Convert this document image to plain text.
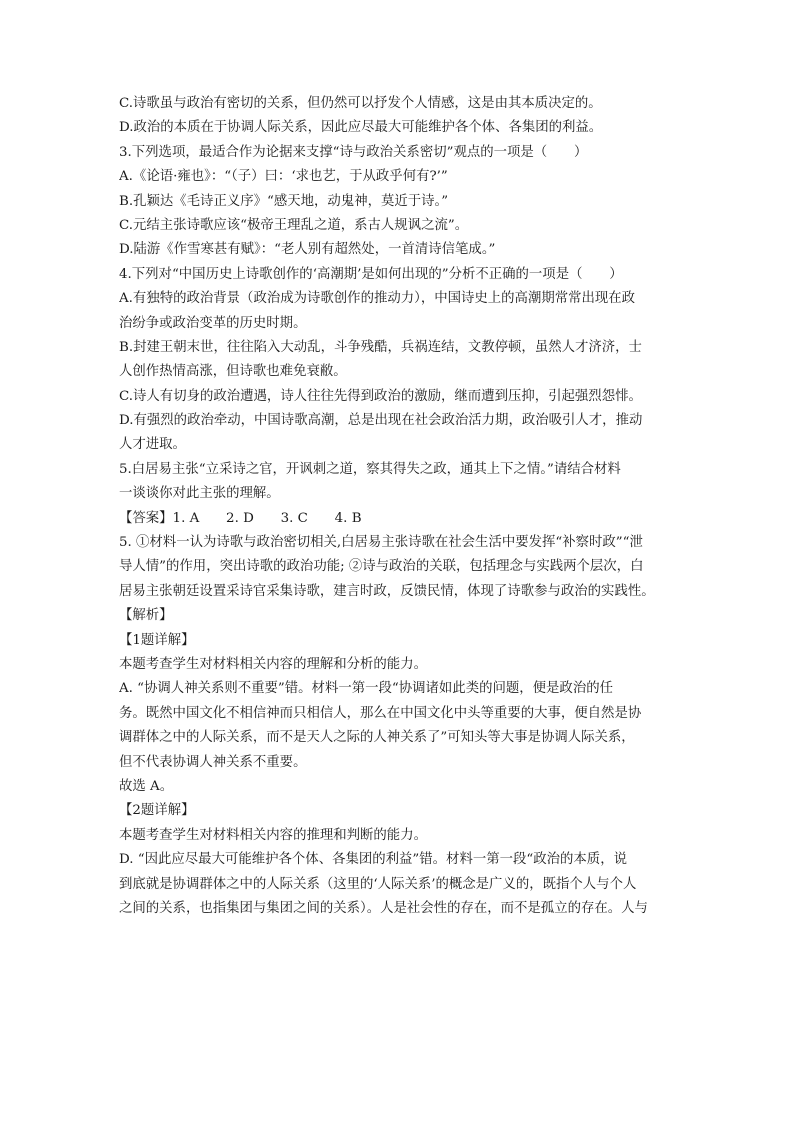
C.诗歌虽与政治有密切的关系，但仍然可以抒发个人情感，这是由其本质决定的。
D.政治的本质在于协调人际关系，因此应尽最大可能维护各个体、各集团的利益。
3.下列选项，最适合作为论据来支撑“诗与政治关系密切”观点的一项是（　　）
A.《论语·雍也》：“（子）曰：‘求也艺，于从政乎何有?’”
B.孔颖达《毛诗正义序》“感天地，动鬼神，莫近于诗。”
C.元结主张诗歌应该“极帝王理乱之道，系古人规讽之流”。
D.陆游《作雪寒甚有赋》：“老人别有超然处，一首清诗信笔成。”
4.下列对“中国历史上诗歌创作的‘高潮期’是如何出现的”分析不正确的一项是（　　）
A.有独特的政治背景（政治成为诗歌创作的推动力），中国诗史上的高潮期常常出现在政
治纷争或政治变革的历史时期。
B.封建王朝末世，往往陷入大动乱，斗争残酷，兵祸连结，文教停顿，虽然人才济济，士
人创作热情高涨，但诗歌也难免衰敝。
C.诗人有切身的政治遭遇，诗人往往先得到政治的激励，继而遭到压抑，引起强烈怨悱。
D.有强烈的政治牵动，中国诗歌高潮，总是出现在社会政治活力期，政治吸引人才，推动
人才进取。
5.白居易主张“立采诗之官，开讽刺之道，察其得失之政，通其上下之情。”请结合材料
一谈谈你对此主张的理解。
【答案】1. A　　2. D　　3. C　　4. B
5. ①材料一认为诗歌与政治密切相关,白居易主张诗歌在社会生活中要发挥“补察时政”“泄
导人情”的作用，突出诗歌的政治功能; ②诗与政治的关联，包括理念与实践两个层次，白
居易主张朝廷设置采诗官采集诗歌，建言时政，反馈民情，体现了诗歌参与政治的实践性。
【解析】
【1题详解】
本题考查学生对材料相关内容的理解和分析的能力。
A. “协调人神关系则不重要”错。材料一第一段“协调诸如此类的问题，便是政治的任
务。既然中国文化不相信神而只相信人，那么在中国文化中头等重要的大事，便自然是协
调群体之中的人际关系，而不是天人之际的人神关系了”可知头等大事是协调人际关系，
但不代表协调人神关系不重要。
故选 A。
【2题详解】
本题考查学生对材料相关内容的推理和判断的能力。
D. “因此应尽最大可能维护各个体、各集团的利益”错。材料一第一段“政治的本质，说
到底就是协调群体之中的人际关系（这里的‘人际关系’的概念是广义的，既指个人与个人
之间的关系，也指集团与集团之间的关系）。人是社会性的存在，而不是孤立的存在。人与
